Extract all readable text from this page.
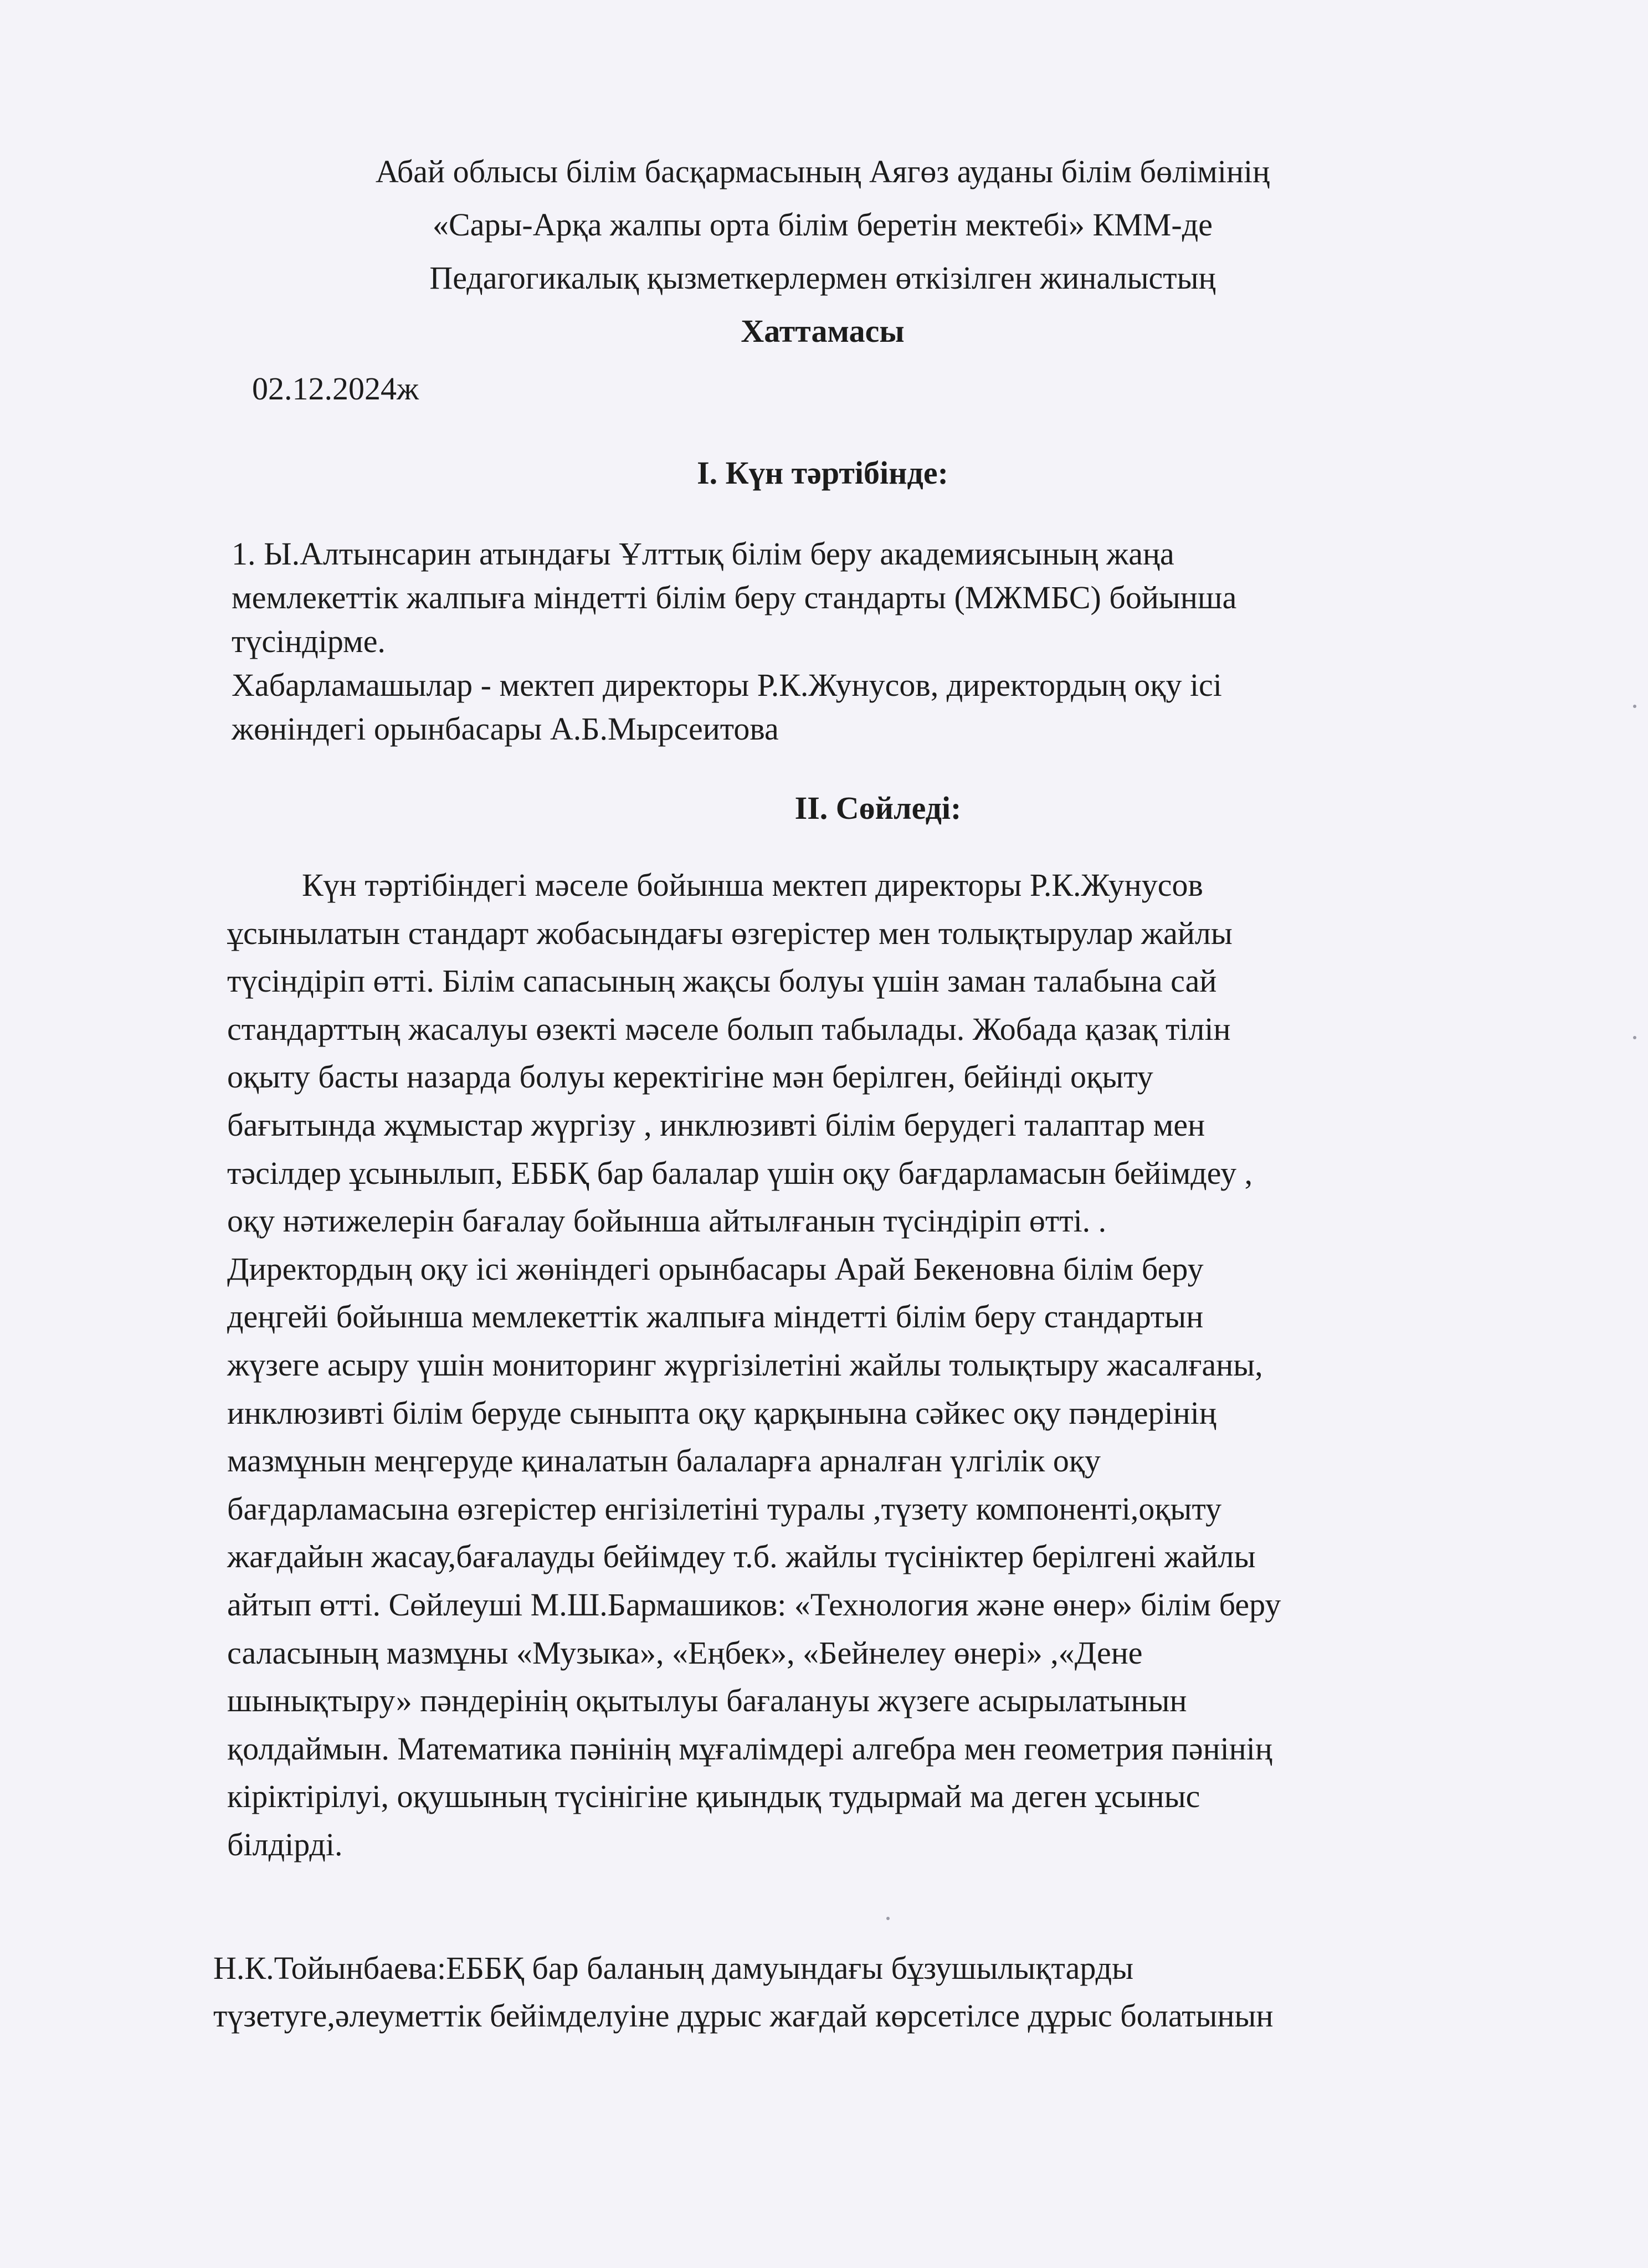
Абай облысы білім басқармасының Аягөз ауданы білім бөлімінің
«Сары-Арқа жалпы орта білім беретін мектебі» КММ-де
Педагогикалық қызметкерлермен өткізілген жиналыстың
Хаттамасы
02.12.2024ж
I. Күн тәртібінде:
1. Ы.Алтынсарин атындағы Ұлттық білім беру академиясының жаңа
мемлекеттік жалпыға міндетті білім беру стандарты (МЖМБС) бойынша
түсіндірме.
Хабарламашылар - мектеп директоры Р.К.Жунусов, директордың оқу ісі
жөніндегі орынбасары А.Б.Мырсеитова
II. Сөйледі:
Күн тәртібіндегі мәселе бойынша мектеп директоры Р.К.Жунусов
ұсынылатын стандарт жобасындағы өзгерістер мен толықтырулар жайлы
түсіндіріп өтті. Білім сапасының жақсы болуы үшін заман талабына сай
стандарттың жасалуы өзекті мәселе болып табылады. Жобада қазақ тілін
оқыту басты назарда болуы керектігіне мән берілген, бейінді оқыту
бағытында жұмыстар жүргізу , инклюзивті білім берудегі талаптар мен
тәсілдер ұсынылып, ЕББҚ бар балалар үшін оқу бағдарламасын бейімдеу ,
оқу нәтижелерін бағалау бойынша айтылғанын түсіндіріп өтті. .
Директордың оқу ісі жөніндегі орынбасары Арай Бекеновна білім беру
деңгейі бойынша мемлекеттік жалпыға міндетті білім беру стандартын
жүзеге асыру үшін мониторинг жүргізілетіні жайлы толықтыру жасалғаны,
инклюзивті білім беруде сыныпта оқу қарқынына сәйкес оқу пәндерінің
мазмұнын меңгеруде қиналатын балаларға арналған үлгілік оқу
бағдарламасына өзгерістер енгізілетіні туралы ,түзету компоненті,оқыту
жағдайын жасау,бағалауды бейімдеу т.б. жайлы түсініктер берілгені жайлы
айтып өтті. Сөйлеуші М.Ш.Бармашиков: «Технология және өнер» білім беру
саласының мазмұны «Музыка», «Еңбек», «Бейнелеу өнері» ,«Дене
шынықтыру» пәндерінің оқытылуы бағалануы жүзеге асырылатынын
қолдаймын. Математика пәнінің мұғалімдері алгебра мен геометрия пәнінің
кіріктірілуі, оқушының түсінігіне қиындық тудырмай ма деген ұсыныс
білдірді.
Н.К.Тойынбаева:ЕББҚ бар баланың дамуындағы бұзушылықтарды
түзетуге,әлеуметтік бейімделуіне дұрыс жағдай көрсетілсе дұрыс болатынын
